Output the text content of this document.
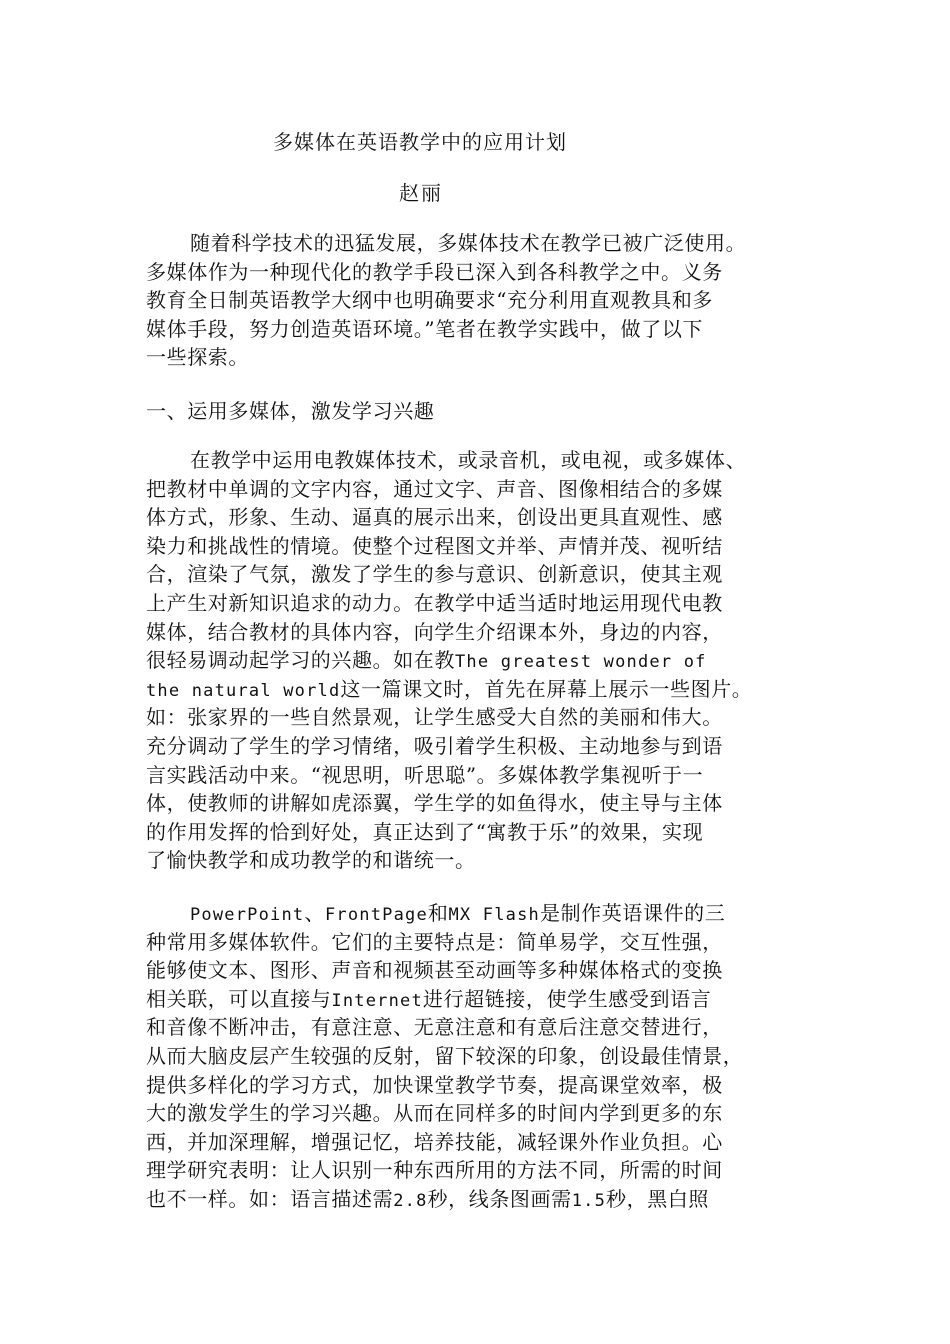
多媒体在英语教学中的应用计划
赵丽
随着科学技术的迅猛发展，多媒体技术在教学已被广泛使用。
多媒体作为一种现代化的教学手段已深入到各科教学之中。义务
教育全日制英语教学大纲中也明确要求“充分利用直观教具和多
媒体手段，努力创造英语环境。”笔者在教学实践中，做了以下
一些探索。
一、运用多媒体，激发学习兴趣
在教学中运用电教媒体技术，或录音机，或电视，或多媒体、
把教材中单调的文字内容，通过文字、声音、图像相结合的多媒
体方式，形象、生动、逼真的展示出来，创设出更具直观性、感
染力和挑战性的情境。使整个过程图文并举、声情并茂、视听结
合，渲染了气氛，激发了学生的参与意识、创新意识，使其主观
上产生对新知识追求的动力。在教学中适当适时地运用现代电教
媒体，结合教材的具体内容，向学生介绍课本外，身边的内容，
很轻易调动起学习的兴趣。如在教The greatest wonder of
the natural world这一篇课文时，首先在屏幕上展示一些图片。
如：张家界的一些自然景观，让学生感受大自然的美丽和伟大。
充分调动了学生的学习情绪，吸引着学生积极、主动地参与到语
言实践活动中来。“视思明，听思聪”。多媒体教学集视听于一
体，使教师的讲解如虎添翼，学生学的如鱼得水，使主导与主体
的作用发挥的恰到好处，真正达到了“寓教于乐”的效果，实现
了愉快教学和成功教学的和谐统一。
PowerPoint、FrontPage和MX Flash是制作英语课件的三
种常用多媒体软件。它们的主要特点是：简单易学，交互性强，
能够使文本、图形、声音和视频甚至动画等多种媒体格式的变换
相关联，可以直接与Internet进行超链接，使学生感受到语言
和音像不断冲击，有意注意、无意注意和有意后注意交替进行，
从而大脑皮层产生较强的反射，留下较深的印象，创设最佳情景，
提供多样化的学习方式，加快课堂教学节奏，提高课堂效率，极
大的激发学生的学习兴趣。从而在同样多的时间内学到更多的东
西，并加深理解，增强记忆，培养技能，减轻课外作业负担。心
理学研究表明：让人识别一种东西所用的方法不同，所需的时间
也不一样。如：语言描述需2.8秒，线条图画需1.5秒，黑白照
